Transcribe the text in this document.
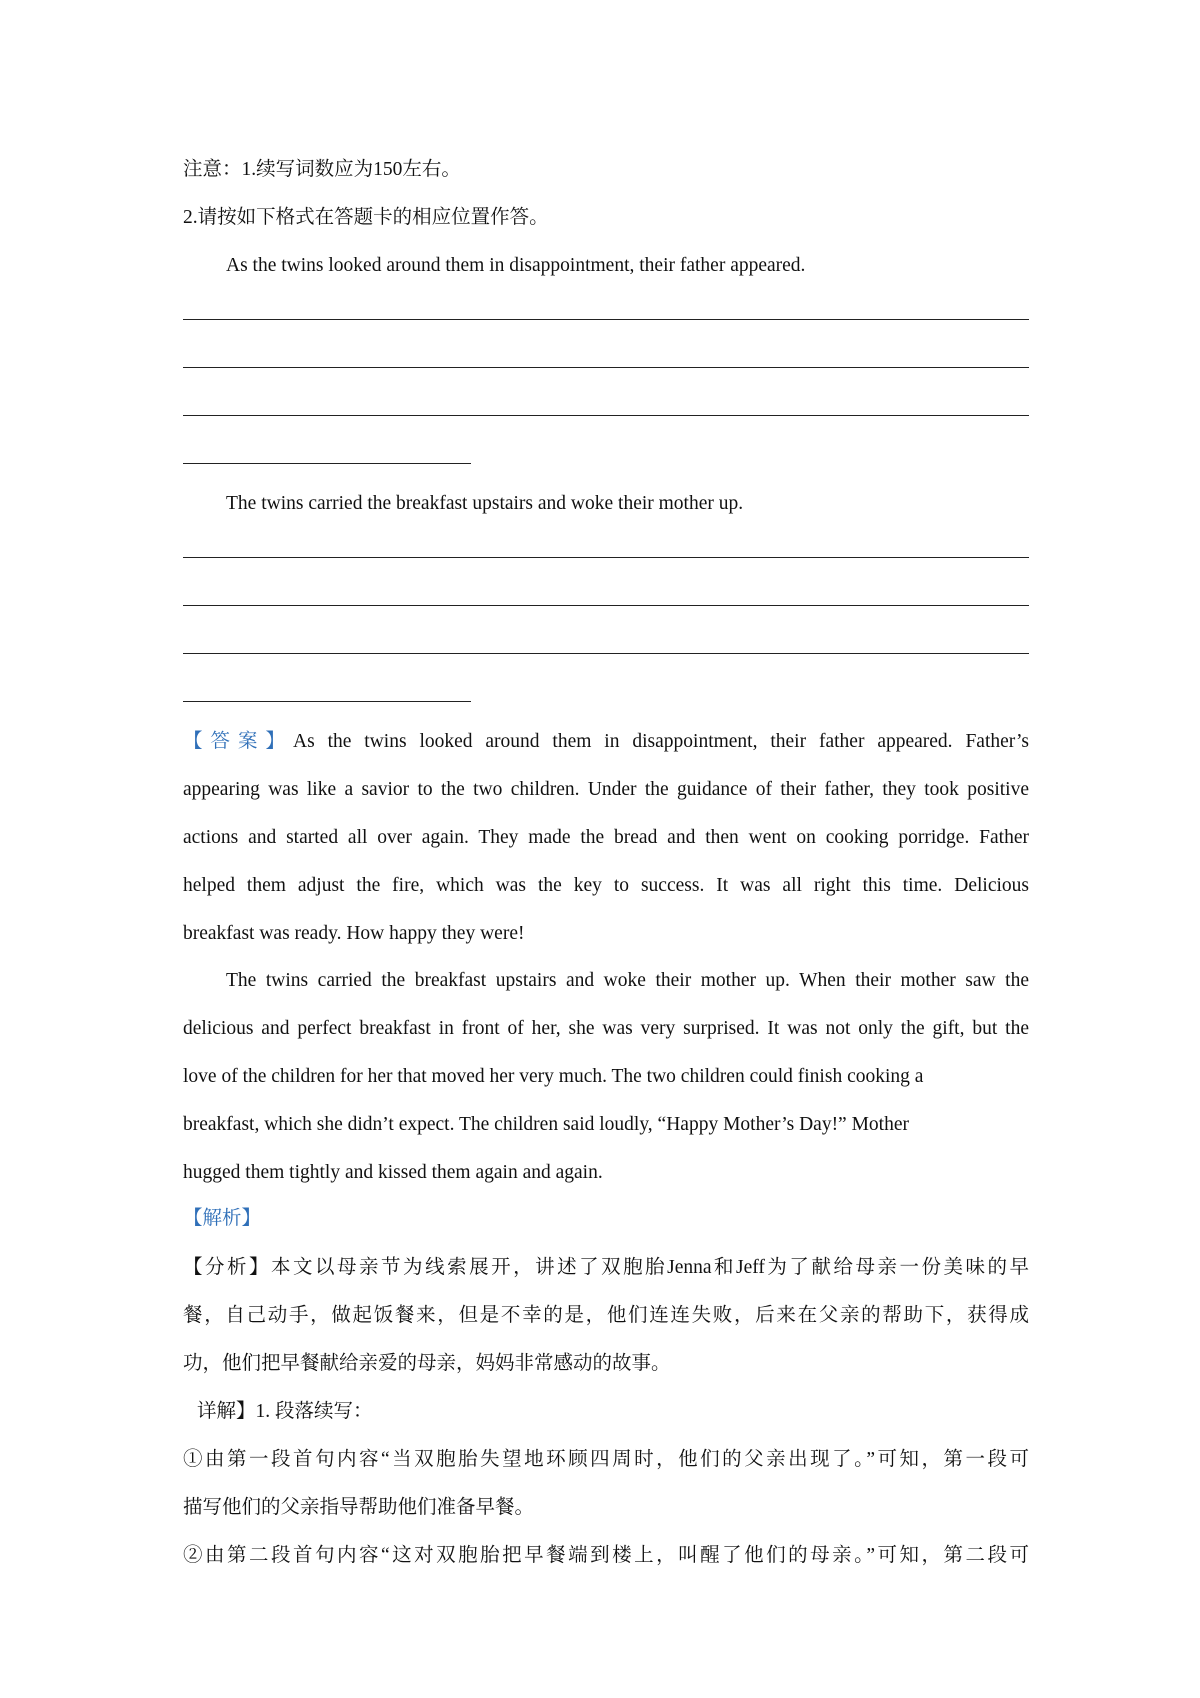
注意：1.续写词数应为150左右。
2.请按如下格式在答题卡的相应位置作答。
As the twins looked around them in disappointment, their father appeared.
The twins carried the breakfast upstairs and woke their mother up.
【答案】As the twins looked around them in disappointment, their father appeared. Father’s
appearing was like a savior to the two children. Under the guidance of their father, they took positive
actions and started all over again. They made the bread and then went on cooking porridge. Father
helped them adjust the fire, which was the key to success. It was all right this time. Delicious
breakfast was ready. How happy they were!
The twins carried the breakfast upstairs and woke their mother up. When their mother saw the
delicious and perfect breakfast in front of her, she was very surprised. It was not only the gift, but the
love of the children for her that moved her very much. The two children could finish cooking a
breakfast, which she didn’t expect. The children said loudly, “Happy Mother’s Day!” Mother
hugged them tightly and kissed them again and again.
【解析】
【分析】本文以母亲节为线索展开，讲述了双胞胎Jenna和Jeff为了献给母亲一份美味的早
餐，自己动手，做起饭餐来，但是不幸的是，他们连连失败，后来在父亲的帮助下，获得成
功，他们把早餐献给亲爱的母亲，妈妈非常感动的故事。
详解】1. 段落续写：
①由第一段首句内容“当双胞胎失望地环顾四周时，他们的父亲出现了。”可知，第一段可
描写他们的父亲指导帮助他们准备早餐。
②由第二段首句内容“这对双胞胎把早餐端到楼上，叫醒了他们的母亲。”可知，第二段可
